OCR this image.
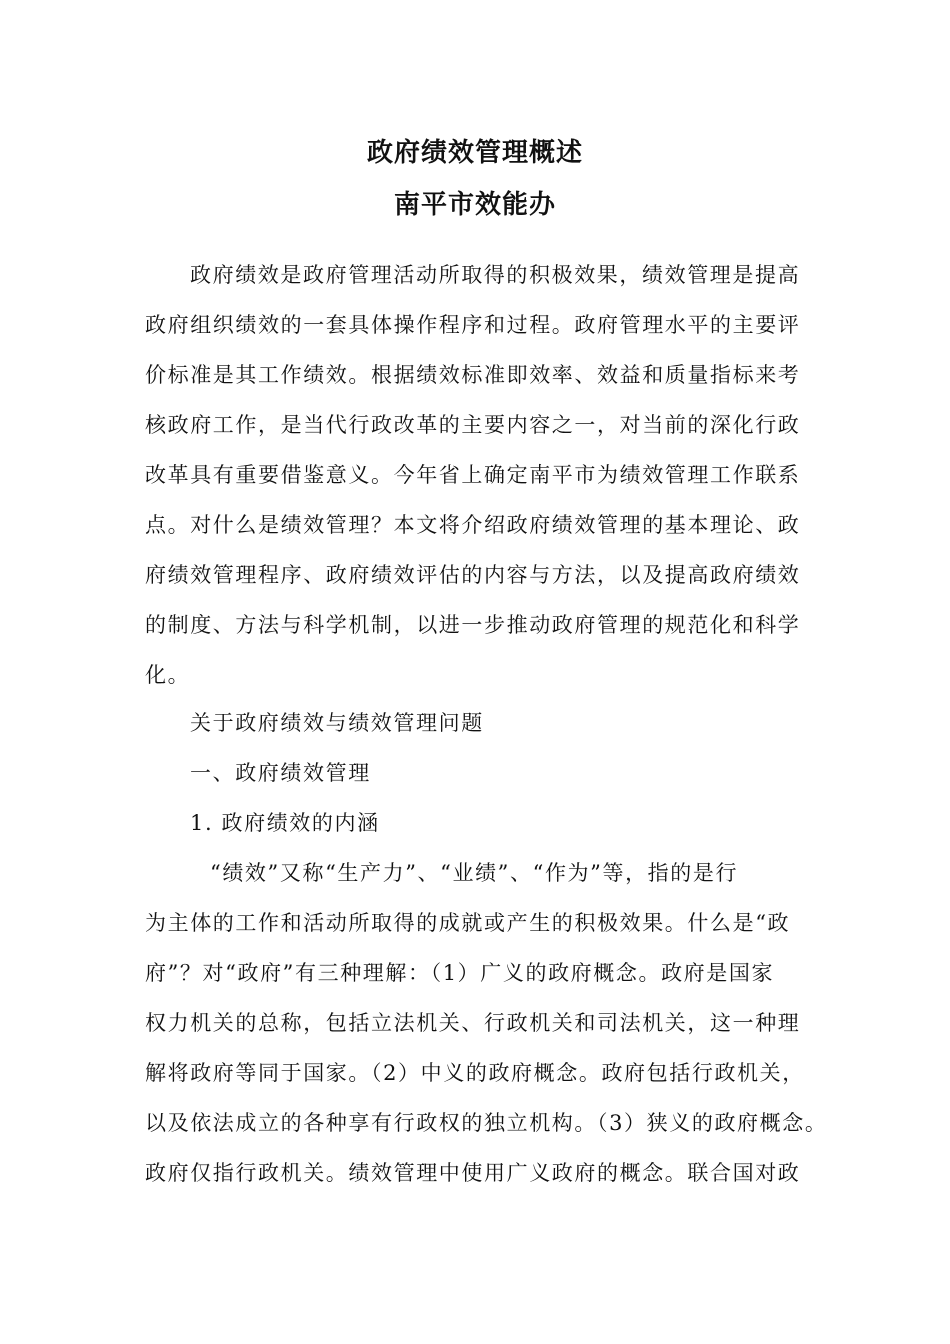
政府绩效管理概述
南平市效能办
政府绩效是政府管理活动所取得的积极效果，绩效管理是提高
政府组织绩效的一套具体操作程序和过程。政府管理水平的主要评
价标准是其工作绩效。根据绩效标准即效率、效益和质量指标来考
核政府工作，是当代行政改革的主要内容之一，对当前的深化行政
改革具有重要借鉴意义。今年省上确定南平市为绩效管理工作联系
点。对什么是绩效管理？本文将介绍政府绩效管理的基本理论、政
府绩效管理程序、政府绩效评估的内容与方法，以及提高政府绩效
的制度、方法与科学机制，以进一步推动政府管理的规范化和科学
化。
关于政府绩效与绩效管理问题
一、政府绩效管理
1. 政府绩效的内涵
“绩效”又称“生产力”、“业绩”、“作为”等，指的是行
为主体的工作和活动所取得的成就或产生的积极效果。什么是“政
府”？对“政府”有三种理解：（1）广义的政府概念。政府是国家
权力机关的总称，包括立法机关、行政机关和司法机关，这一种理
解将政府等同于国家。（2）中义的政府概念。政府包括行政机关，
以及依法成立的各种享有行政权的独立机构。（3）狭义的政府概念。
政府仅指行政机关。绩效管理中使用广义政府的概念。联合国对政
